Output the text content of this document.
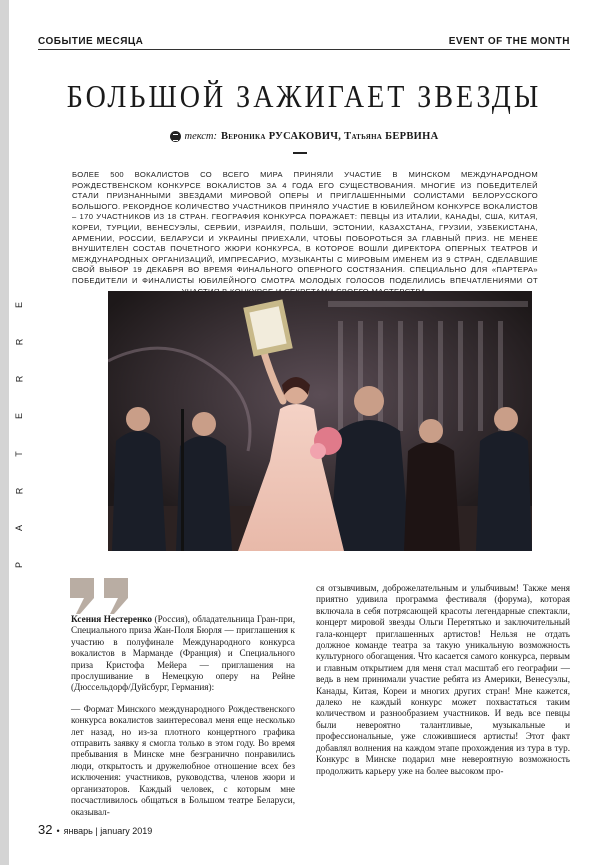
E
R
R
E
T
R
A
P
СОБЫТИЕ МЕСЯЦА	EVENT OF THE MONTH
БОЛЬШОЙ ЗАЖИГАЕТ ЗВЕЗДЫ
текст: Вероника РУСАКОВИЧ, Татьяна БЕРВИНА
БОЛЕЕ 500 ВОКАЛИСТОВ СО ВСЕГО МИРА ПРИНЯЛИ УЧАСТИЕ В МИНСКОМ МЕЖДУНАРОДНОМ РОЖДЕСТВЕНСКОМ КОНКУРСЕ ВОКАЛИСТОВ ЗА 4 ГОДА ЕГО СУЩЕСТВОВАНИЯ. МНОГИЕ ИЗ ПОБЕДИТЕЛЕЙ СТАЛИ ПРИЗНАННЫМИ ЗВЕЗДАМИ МИРОВОЙ ОПЕРЫ И ПРИГЛАШЕННЫМИ СОЛИСТАМИ БЕЛОРУССКОГО БОЛЬШОГО. РЕКОРДНОЕ КОЛИЧЕСТВО УЧАСТНИКОВ ПРИНЯЛО УЧАСТИЕ В ЮБИЛЕЙНОМ КОНКУРСЕ ВОКАЛИСТОВ – 170 УЧАСТНИКОВ ИЗ 18 СТРАН. ГЕОГРАФИЯ КОНКУРСА ПОРАЖАЕТ: ПЕВЦЫ ИЗ ИТАЛИИ, КАНАДЫ, США, КИТАЯ, КОРЕИ, ТУРЦИИ, ВЕНЕСУЭЛЫ, СЕРБИИ, ИЗРАИЛЯ, ПОЛЬШИ, ЭСТОНИИ, КАЗАХСТАНА, ГРУЗИИ, УЗБЕКИСТАНА, АРМЕНИИ, РОССИИ, БЕЛАРУСИ И УКРАИНЫ ПРИЕХАЛИ, ЧТОБЫ ПОБОРОТЬСЯ ЗА ГЛАВНЫЙ ПРИЗ. НЕ МЕНЕЕ ВНУШИТЕЛЕН СОСТАВ ПОЧЕТНОГО ЖЮРИ КОНКУРСА, В КОТОРОЕ ВОШЛИ ДИРЕКТОРА ОПЕРНЫХ ТЕАТРОВ И МЕЖДУНАРОДНЫХ ОРГАНИЗАЦИЙ, ИМПРЕСАРИО, МУЗЫКАНТЫ С МИРОВЫМ ИМЕНЕМ ИЗ 9 СТРАН, СДЕЛАВШИЕ СВОЙ ВЫБОР 19 ДЕКАБРЯ ВО ВРЕМЯ ФИНАЛЬНОГО ОПЕРНОГО СОСТЯЗАНИЯ. СПЕЦИАЛЬНО ДЛЯ «ПАРТЕРА» ПОБЕДИТЕЛИ И ФИНАЛИСТЫ ЮБИЛЕЙНОГО СМОТРА МОЛОДЫХ ГОЛОСОВ ПОДЕЛИЛИСЬ ВПЕЧАТЛЕНИЯМИ ОТ

Ксения Нестеренко (Россия), обладательница Гран-при, Специального приза Жан-Поля Бюрля — приглашения к участию в полуфинале Международного конкурса вокалистов в Марманде (Франция) и Специального приза Кристофа Мейера — приглашения на прослушивание в Немецкую оперу на Рейне (Дюссельдорф/Дуйсбург, Германия):

— Формат Минского международного Рождественского конкурса вокалистов заинтересовал меня еще несколько лет назад, но из-за плотного концертного графика отправить заявку я смогла только в этом году. Во время пребывания в Минске мне безгранично понравились люди, открытость и дружелюбное отношение всех без исключения: участников, руководства, членов жюри и организаторов. Каждый человек, с которым мне посчастливилось общаться в Большом театре Беларуси, оказывал-

ся отзывчивым, доброжелательным и улыбчивым! Также меня приятно удивила программа фестиваля (форума), которая включала в себя потрясающей красоты легендарные спектакли, концерт мировой звезды Ольги Перетятько и заключительный гала-концерт приглашенных артистов! Нельзя не отдать должное команде театра за такую уникальную возможность культурного обогащения. Что касается самого конкурса, первым и главным открытием для меня стал масштаб его географии — ведь в нем принимали участие ребята из Америки, Венесуэлы, Канады, Китая, Кореи и многих других стран! Мне кажется, далеко не каждый конкурс может похвастаться таким количеством и разнообразием участников. И ведь все певцы были невероятно талантливые, музыкальные и профессиональные, уже сложившиеся артисты! Этот факт добавлял волнения на каждом этапе прохождения из тура в тур. Конкурс в Минске подарил мне невероятную возможность продолжить карьеру уже на более высоком про-

32 • январь | january 2019
